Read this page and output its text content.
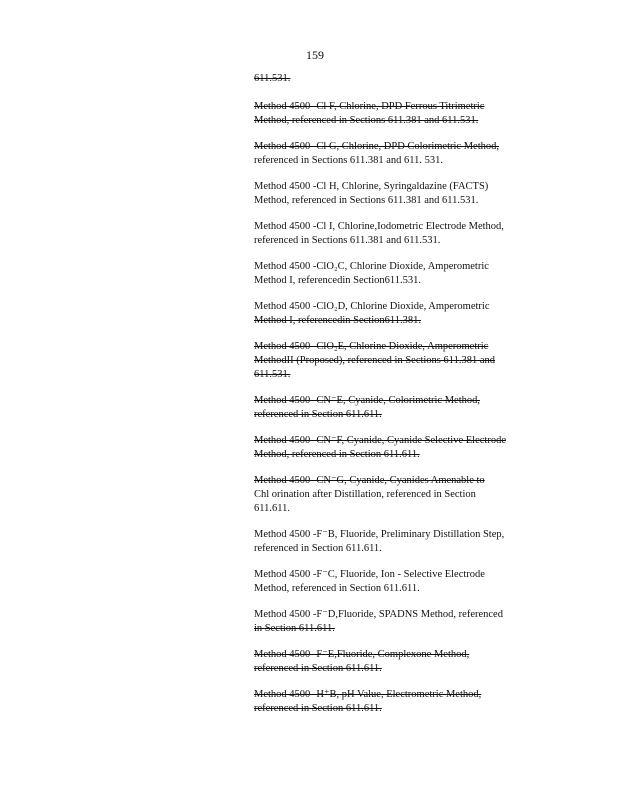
159
611.531.
Method 4500 -Cl F, Chlorine, DPD Ferrous Titrimetric
Method, referenced in Sections 611.381 and 611.531.
Method 4500 -Cl G, Chlorine, DPD Colorimetric Method,
referenced in Sections 611.381 and 611. 531.
Method 4500 -Cl H, Chlorine, Syringaldazine (FACTS)
Method, referenced in Sections 611.381 and 611.531.
Method 4500 -Cl I, Chlorine,Iodometric Electrode Method,
referenced in Sections 611.381 and 611.531.
Method 4500 -ClO₂C, Chlorine Dioxide, Amperometric
Method I, referencedin Section611.531.
Method 4500 -ClO₂D, Chlorine Dioxide, Amperometric
Method I, referencedin Section611.381.
Method 4500 -ClO₂E, Chlorine Dioxide, Amperometric
MethodII (Proposed), referenced in Sections 611.381 and
611.531.
Method 4500 -CN⁻E, Cyanide, Colorimetric Method,
referenced in Section 611.611.
Method 4500 -CN⁻F, Cyanide, Cyanide Selective Electrode
Method, referenced in Section 611.611.
Method 4500 -CN⁻G, Cyanide, Cyanides Amenable to
Chl orination after Distillation, referenced in Section
611.611.
Method 4500 -F⁻B, Fluoride, Preliminary Distillation Step,
referenced in Section 611.611.
Method 4500 -F⁻C, Fluoride, Ion - Selective Electrode
Method, referenced in Section 611.611.
Method 4500 -F⁻D,Fluoride, SPADNS Method, referenced
in Section 611.611.
Method 4500 -F⁻E,Fluoride, Complexone Method,
referenced in Section 611.611.
Method 4500 -H⁺B, pH Value, Electrometric Method,
referenced in Section 611.611.
